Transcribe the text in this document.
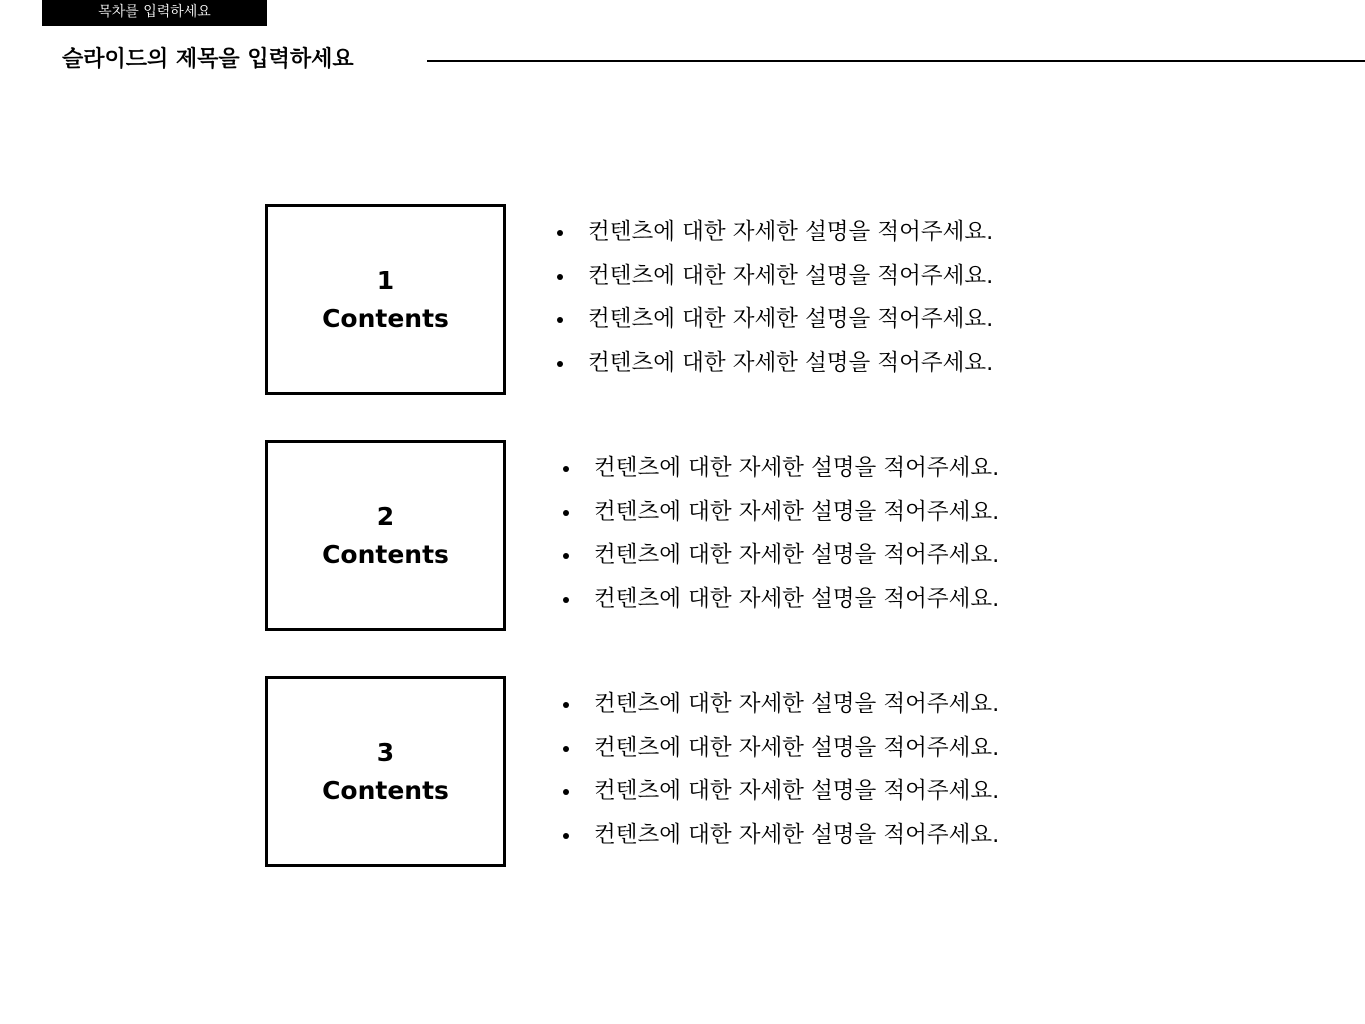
목차를 입력하세요
슬라이드의 제목을 입력하세요
1
Contents
컨텐츠에 대한 자세한 설명을 적어주세요.
컨텐츠에 대한 자세한 설명을 적어주세요.
컨텐츠에 대한 자세한 설명을 적어주세요.
컨텐츠에 대한 자세한 설명을 적어주세요.
2
Contents
컨텐츠에 대한 자세한 설명을 적어주세요.
컨텐츠에 대한 자세한 설명을 적어주세요.
컨텐츠에 대한 자세한 설명을 적어주세요.
컨텐츠에 대한 자세한 설명을 적어주세요.
3
Contents
컨텐츠에 대한 자세한 설명을 적어주세요.
컨텐츠에 대한 자세한 설명을 적어주세요.
컨텐츠에 대한 자세한 설명을 적어주세요.
컨텐츠에 대한 자세한 설명을 적어주세요.
